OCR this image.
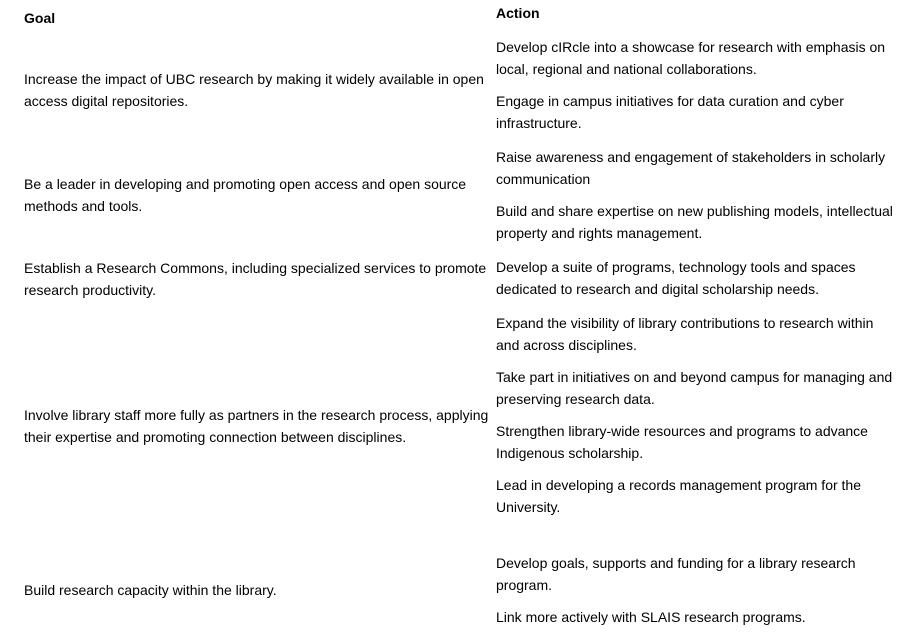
Goal	Action
Increase the impact of UBC research by making it widely available in open access digital repositories.
Be a leader in developing and promoting open access and open source methods and tools.
Establish a Research Commons, including specialized services to promote research productivity.
Involve library staff more fully as partners in the research process, applying their expertise and promoting connection between disciplines.
Build research capacity within the library.
Develop cIRcle into a showcase for research with emphasis on local, regional and national collaborations.
Engage in campus initiatives for data curation and cyber infrastructure.
Raise awareness and engagement of stakeholders in scholarly communication
Build and share expertise on new publishing models, intellectual property and rights management.
Develop a suite of programs, technology tools and spaces dedicated to research and digital scholarship needs.
Expand the visibility of library contributions to research within and across disciplines.
Take part in initiatives on and beyond campus for managing and preserving research data.
Strengthen library-wide resources and programs to advance Indigenous scholarship.
Lead in developing a records management program for the University.
Develop goals, supports and funding for a library research program.
Link more actively with SLAIS research programs.
